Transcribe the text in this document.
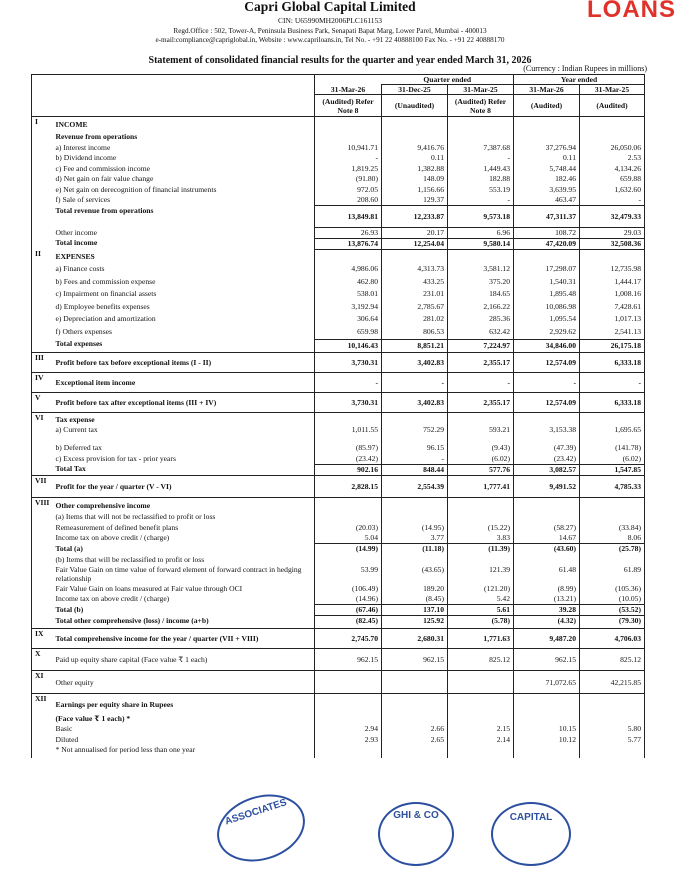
Capri Global Capital Limited
CIN: U65990MH2006PLC161153
Regd.Office : 502, Tower-A, Peninsula Business Park, Senapati Bapat Marg, Lower Parel, Mumbai - 400013
e-mail:compliance@capriglobal.in, Website : www.capriloans.in, Tel No. - +91 22 40888100 Fax No. - +91 22 40888170
LOANS
Statement of consolidated financial results for the quarter and year ended March 31, 2026
(Currency : Indian Rupees in millions)
			Quarter ended		Year ended	
		31-Mar-26	31-Dec-25	31-Mar-25	31-Mar-26	31-Mar-25
		(Audited) Refer Note 8	(Unaudited)	(Audited) Refer Note 8	(Audited)	(Audited)
I	INCOME					
	Revenue from operations					
	a) Interest income	10,941.71	9,416.76	7,387.68	37,276.94	26,050.06
	b) Dividend income	-	0.11	-	0.11	2.53
	c) Fee and commission income	1,819.25	1,382.88	1,449.43	5,748.44	4,134.26
	d) Net gain on fair value change	(91.80)	148.09	182.88	182.46	659.88
	e) Net gain on derecognition of financial instruments	972.05	1,156.66	553.19	3,639.95	1,632.60
	f) Sale of services	208.60	129.37	-	463.47	-
	Total revenue from operations	13,849.81	12,233.87	9,573.18	47,311.37	32,479.33
	Other income	26.93	20.17	6.96	108.72	29.03
	Total income	13,876.74	12,254.04	9,580.14	47,420.09	32,508.36
II	EXPENSES					
	a) Finance costs	4,986.06	4,313.73	3,581.12	17,298.07	12,735.98
	b) Fees and commission expense	462.80	433.25	375.20	1,540.31	1,444.17
	c) Impairment on financial assets	538.01	231.01	184.65	1,895.48	1,008.16
	d) Employee benefits expenses	3,192.94	2,785.67	2,166.22	10,086.98	7,428.61
	e) Depreciation and amortization	306.64	281.02	285.36	1,095.54	1,017.13
	f) Others expenses	659.98	806.53	632.42	2,929.62	2,541.13
	Total expenses	10,146.43	8,851.21	7,224.97	34,846.00	26,175.18
III	Profit before tax before exceptional items (I - II)	3,730.31	3,402.83	2,355.17	12,574.09	6,333.18
IV	Exceptional item income	-	-	-	-	-
V	Profit before tax after exceptional items (III + IV)	3,730.31	3,402.83	2,355.17	12,574.09	6,333.18
VI	Tax expense					
	a) Current tax	1,011.55	752.29	593.21	3,153.38	1,695.65
	b) Deferred tax	(85.97)	96.15	(9.43)	(47.39)	(141.78)
	c) Excess provision for tax - prior years	(23.42)	-	(6.02)	(23.42)	(6.02)
	Total Tax	902.16	848.44	577.76	3,082.57	1,547.85
VII	Profit for the year / quarter (V - VI)	2,828.15	2,554.39	1,777.41	9,491.52	4,785.33
VIII	Other comprehensive income					
	(a) Items that will not be reclassified to profit or loss					
	Remeasurement of defined benefit plans	(20.03)	(14.95)	(15.22)	(58.27)	(33.84)
	Income tax on above credit / (charge)	5.04	3.77	3.83	14.67	8.06
	Total (a)	(14.99)	(11.18)	(11.39)	(43.60)	(25.78)
	(b) Items that will be reclassified to profit or loss					
	Fair Value Gain on time value of forward element of forward contract in hedging relationship	53.99	(43.65)	121.39	61.48	61.89
	Fair Value Gain on loans measured at Fair value through OCI	(106.49)	189.20	(121.20)	(8.99)	(105.36)
	Income tax on above credit / (charge)	(14.96)	(8.45)	5.42	(13.21)	(10.05)
	Total (b)	(67.46)	137.10	5.61	39.28	(53.52)
	Total other comprehensive (loss) / income (a+b)	(82.45)	125.92	(5.78)	(4.32)	(79.30)
IX	Total comprehensive income for the year / quarter (VII + VIII)	2,745.70	2,680.31	1,771.63	9,487.20	4,706.03
X	Paid up equity share capital (Face value ₹ 1 each)	962.15	962.15	825.12	962.15	825.12
XI	Other equity				71,072.65	42,215.85
XII	Earnings per equity share in Rupees					
	(Face value ₹ 1 each) *					
	Basic	2.94	2.66	2.15	10.15	5.80
	Diluted	2.93	2.65	2.14	10.12	5.77
	* Not annualised for period less than one year					
ASSOCIATES	GHI & CO	CAPITAL
